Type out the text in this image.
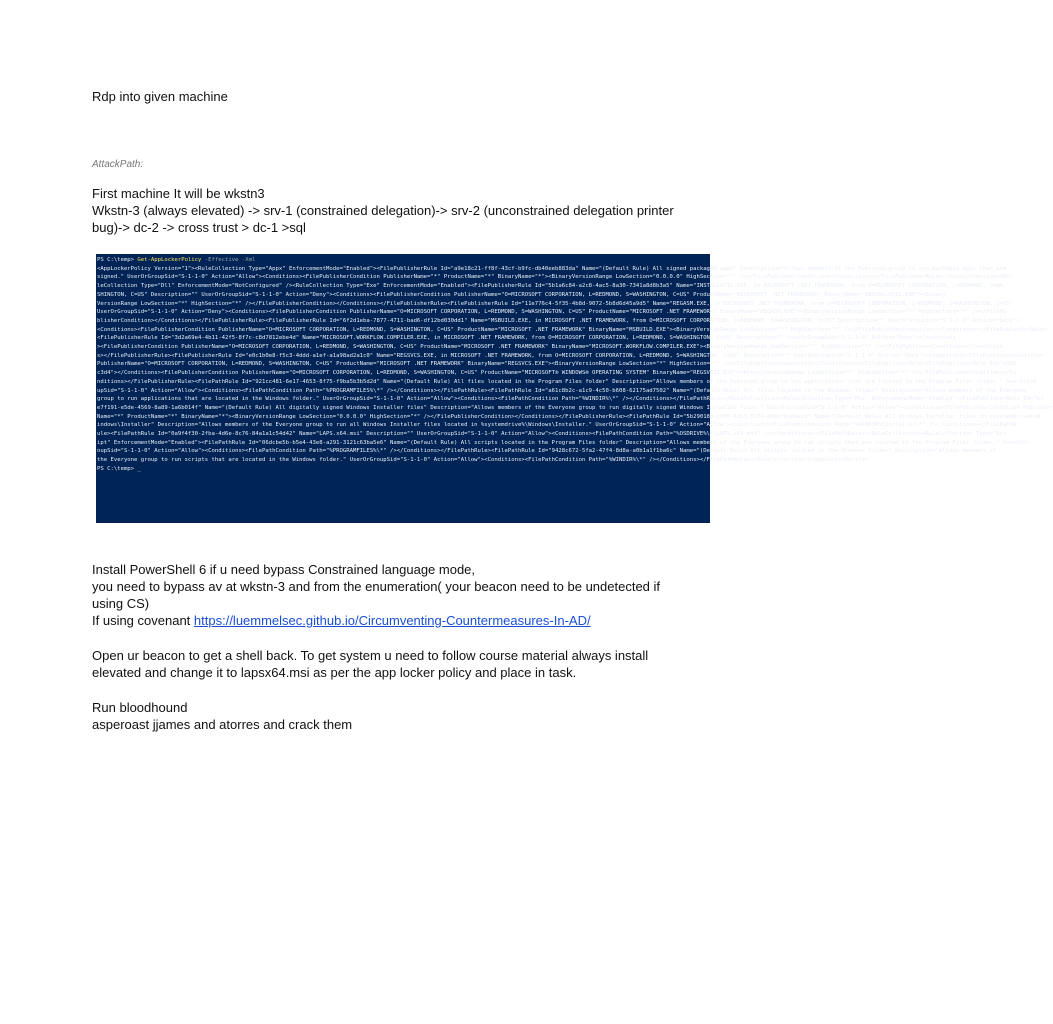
Rdp into given machine
AttackPath:
First machine It will be wkstn3
Wkstn-3 (always elevated) -> srv-1 (constrained delegation)-> srv-2 (unconstrained delegation printer bug)-> dc-2 -> cross trust > dc-1 >sql
PS C:\temp> Get-AppLockerPolicy -Effective -Xml
<AppLockerPolicy Version="1"><RuleCollection Type="Appx" EnforcementMode="Enabled"><FilePublisherRule Id="a9e18c21-ff8f-43cf-b9fc-db40eeb883da" Name="(Default Rule) All signed packaged apps" Description="Allows members of the Everyone group to run packaged apps that are
signed." UserOrGroupSid="S-1-1-0" Action="Allow"><Conditions><FilePublisherCondition PublisherName="*" ProductName="*" BinaryName="*"><BinaryVersionRange LowSection="0.0.0.0" HighSection="*" /></FilePublisherCondition></Conditions></FilePublisherRule></RuleCollection><Rul
leCollection Type="Dll" EnforcementMode="NotConfigured" /><RuleCollection Type="Exe" EnforcementMode="Enabled"><FilePublisherRule Id="5b1a6c84-a2c8-4ac5-8a30-7341a8d8b3a5" Name="INSTALLUTIL.EXE, in MICROSOFT .NET FRAMEWORK, from O=MICROSOFT CORPORATION, L=REDMOND, S=WA
SHINGTON, C=US" Description="" UserOrGroupSid="S-1-1-0" Action="Deny"><Conditions><FilePublisherCondition PublisherName="O=MICROSOFT CORPORATION, L=REDMOND, S=WASHINGTON, C=US" ProductName="MICROSOFT .NET FRAMEWORK" BinaryName="INSTALLUTIL.EXE"><Binary
VersionRange LowSection="*" HighSection="*" /></FilePublisherCondition></Conditions></FilePublisherRule><FilePublisherRule Id="11e776c4-5f35-4b8d-9072-5b8d6d45a9d5" Name="REGASM.EXE, in MICROSOFT .NET FRAMEWORK, from O=MICROSOFT CORPORATION, L=REDMOND, S=WASHINGTON, C=US"
UserOrGroupSid="S-1-1-0" Action="Deny"><Conditions><FilePublisherCondition PublisherName="O=MICROSOFT CORPORATION, L=REDMOND, S=WASHINGTON, C=US" ProductName="MICROSOFT .NET FRAMEWORK" BinaryName="REGASM.EXE"><BinaryVersionRange LowSection="*" HighSection="*" /></FilePu
blisherCondition></Conditions></FilePublisherRule><FilePublisherRule Id="6f2d1eba-7877-4711-bad6-df12bd030dd1" Name="MSBUILD.EXE, in MICROSOFT .NET FRAMEWORK, from O=MICROSOFT CORPORATION, L=REDMOND, S=WASHINGTON, C=US" Description="" UserOrGroupSid="S-1-1-0" Action="Deny">
<Conditions><FilePublisherCondition PublisherName="O=MICROSOFT CORPORATION, L=REDMOND, S=WASHINGTON, C=US" ProductName="MICROSOFT .NET FRAMEWORK" BinaryName="MSBUILD.EXE"><BinaryVersionRange LowSection="*" HighSection="*" /></FilePublisherCondition></Conditions></FilePublisherRule>
<FilePublisherRule Id="3d2a69e4-4b11-42f5-8f7c-c8d7812ebe4d" Name="MICROSOFT.WORKFLOW.COMPILER.EXE, in MICROSOFT .NET FRAMEWORK, from O=MICROSOFT CORPORATION, L=REDMOND, S=WASHINGTON, C=US" Description="" UserOrGroupSid="S-1-1-0" Action="Deny"><Conditions
><FilePublisherCondition PublisherName="O=MICROSOFT CORPORATION, L=REDMOND, S=WASHINGTON, C=US" ProductName="MICROSOFT .NET FRAMEWORK" BinaryName="MICROSOFT.WORKFLOW.COMPILER.EXE"><BinaryVersionRange LowSection="*" HighSection="*" /></FilePublisherCondition></Condition
s></FilePublisherRule><FilePublisherRule Id="e0c1b0e8-f5c3-4ddd-a1ef-a1a98ad2a1c0" Name="REGSVCS.EXE, in MICROSOFT .NET FRAMEWORK, from O=MICROSOFT CORPORATION, L=REDMOND, S=WASHINGTON, C=US" Description="" UserOrGroupSid="S-1-1-0" Action="Deny"><Conditions><FilePublisherCondition
PublisherName="O=MICROSOFT CORPORATION, L=REDMOND, S=WASHINGTON, C=US" ProductName="MICROSOFT .NET FRAMEWORK" BinaryName="REGSVCS.EXE"><BinaryVersionRange LowSection="*" HighSection="*" /></FilePublisherCondition></Conditions></FilePublisherRule><FilePublisherRule Id="a1b2
c3d4"></Conditions><FilePublisherCondition PublisherName="O=MICROSOFT CORPORATION, L=REDMOND, S=WASHINGTON, C=US" ProductName="MICROSOFT® WINDOWS® OPERATING SYSTEM" BinaryName="REGSVR32.EXE"><BinaryVersionRange LowSection="*" HighSection="*" /></FilePublisherCondition></Co
nditions></FilePublisherRule><FilePathRule Id="921cc481-6e17-4653-8f75-f9ba5b3b5d2d" Name="(Default Rule) All files located in the Program Files folder" Description="Allows members of the Everyone group to run applications that are located in the Program Files folder." UserOrGro
upSid="S-1-1-0" Action="Allow"><Conditions><FilePathCondition Path="%PROGRAMFILES%\*" /></Conditions></FilePathRule><FilePathRule Id="a61c8b2c-a1c9-4c50-b608-62175ad7502" Name="(Default Rule) All files located in the Windows folder" Description="Allows members of the Everyone
group to run applications that are located in the Windows folder." UserOrGroupSid="S-1-1-0" Action="Allow"><Conditions><FilePathCondition Path="%WINDIR%\*" /></Conditions></FilePathRule></RuleCollection><RuleCollection Type="Msi" EnforcementMode="Enabled"><FilePublisherRule Id="b7
e7f191-e5de-4569-8a89-1a6b014f" Name="(Default Rule) All digitally signed Windows Installer files" Description="Allows members of the Everyone group to run digitally signed Windows Installer files." UserOrGroupSid="S-1-1-0" Action="Allow"><Conditions><FilePublisherCondition Publisher
Name="*" ProductName="*" BinaryName="*"><BinaryVersionRange LowSection="0.0.0.0" HighSection="*" /></FilePublisherCondition></Conditions></FilePublisherRule><FilePathRule Id="5b290188-c996-4d53-8184-4b9df6ad9e2d" Name="(Default Rule) All Windows Installer files in %systemdrive%\W
indows\Installer" Description="Allows members of the Everyone group to run all Windows Installer files located in %systemdrive%\Windows\Installer." UserOrGroupSid="S-1-1-0" Action="Allow"><Conditions><FilePathCondition Path="%WINDIR%\Installer\*" /></Conditions></FilePathR
ule><FilePathRule Id="0a9f4f30-2fba-4d6e-8c76-84a1a1c54d42" Name="LAPS.x64.msi" Description="" UserOrGroupSid="S-1-1-0" Action="Allow"><Conditions><FilePathCondition Path="%OSDRIVE%\*\LAPS.x64.msi" /></Conditions></FilePathRule></RuleCollection><RuleCollection Type="Scr
ipt" EnforcementMode="Enabled"><FilePathRule Id="06dcbe5b-b5e4-43e8-a291-3121c63ba5e6" Name="(Default Rule) All scripts located in the Program Files folder" Description="Allows members of the Everyone group to run scripts that are located in the Program Files folder." UserOrGr
oupSid="S-1-1-0" Action="Allow"><Conditions><FilePathCondition Path="%PROGRAMFILES%\*" /></Conditions></FilePathRule><FilePathRule Id="9428c672-5fa2-47f4-8d8a-a0b1a1f1ba6c" Name="(Default Rule) All scripts located in the Windows folder" Description="Allows members of
the Everyone group to run scripts that are located in the Windows folder." UserOrGroupSid="S-1-1-0" Action="Allow"><Conditions><FilePathCondition Path="%WINDIR%\*" /></Conditions></FilePathRule></RuleCollection></AppLockerPolicy>
PS C:\temp> _
Install PowerShell 6 if u need bypass Constrained language mode,
you need to bypass av at wkstn-3 and from the enumeration( your beacon need to be undetected if using CS)
If using covenant https://luemmelsec.github.io/Circumventing-Countermeasures-In-AD/
Open ur beacon to get a shell back. To get system u need to follow course material always install elevated and change it to lapsx64.msi as per the app locker policy and place in task.
Run bloodhound
asperoast jjames and atorres and crack them
